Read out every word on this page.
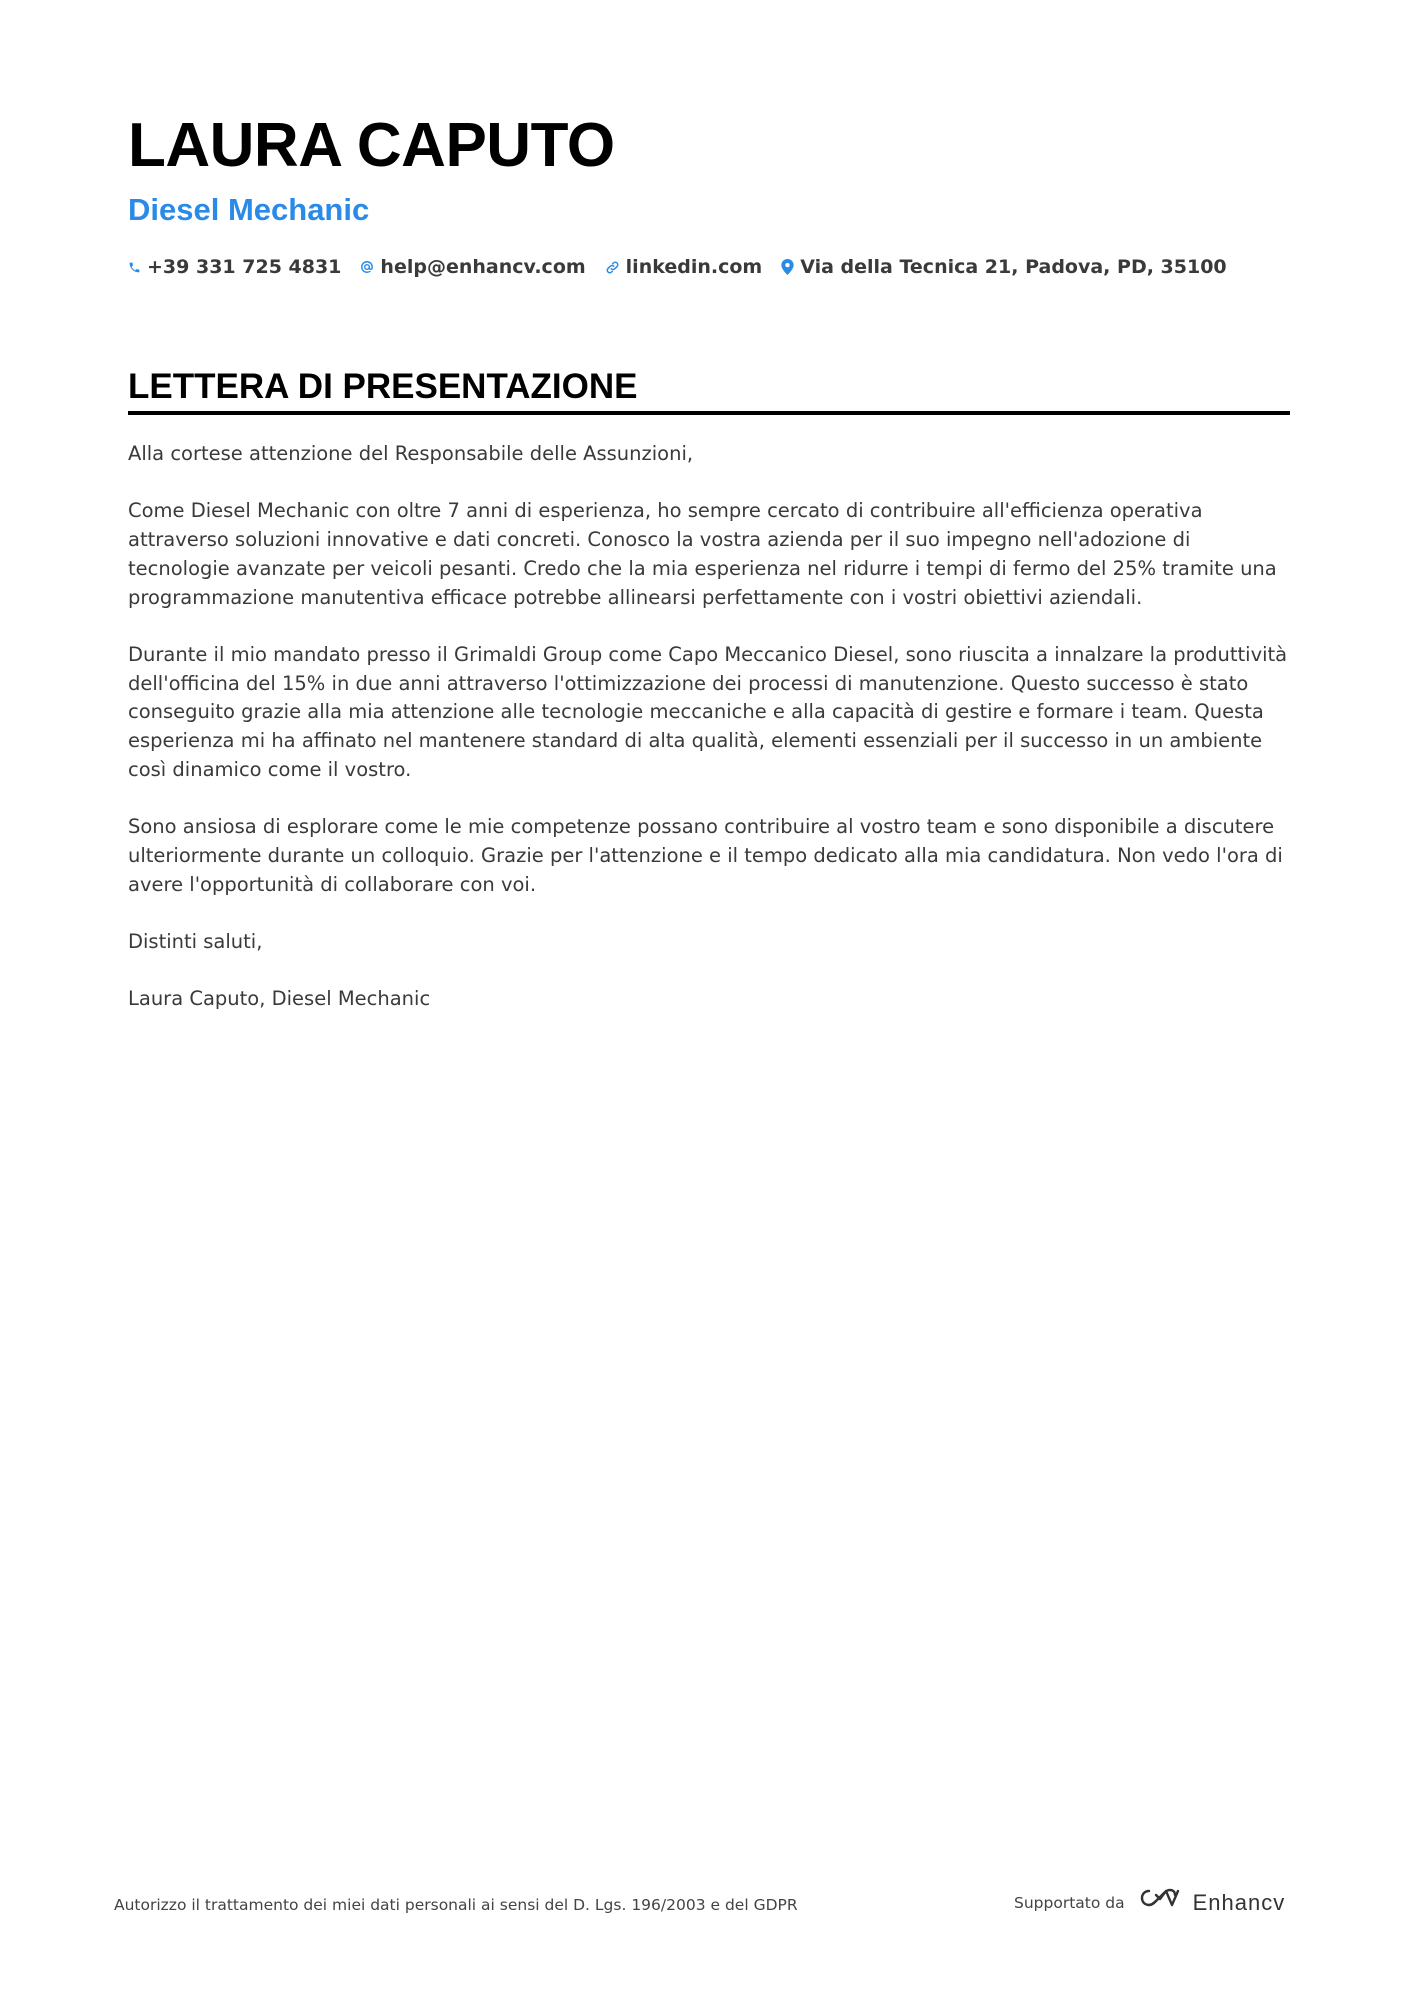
LAURA CAPUTO
Diesel Mechanic
+39 331 725 4831 help@enhancv.com linkedin.com Via della Tecnica 21, Padova, PD, 35100
LETTERA DI PRESENTAZIONE

Alla cortese attenzione del Responsabile delle Assunzioni,

Come Diesel Mechanic con oltre 7 anni di esperienza, ho sempre cercato di contribuire all'efficienza operativa attraverso soluzioni innovative e dati concreti. Conosco la vostra azienda per il suo impegno nell'adozione di tecnologie avanzate per veicoli pesanti. Credo che la mia esperienza nel ridurre i tempi di fermo del 25% tramite una programmazione manutentiva efficace potrebbe allinearsi perfettamente con i vostri obiettivi aziendali.

Durante il mio mandato presso il Grimaldi Group come Capo Meccanico Diesel, sono riuscita a innalzare la produttività dell'officina del 15% in due anni attraverso l'ottimizzazione dei processi di manutenzione. Questo successo è stato conseguito grazie alla mia attenzione alle tecnologie meccaniche e alla capacità di gestire e formare i team. Questa esperienza mi ha affinato nel mantenere standard di alta qualità, elementi essenziali per il successo in un ambiente così dinamico come il vostro.

Sono ansiosa di esplorare come le mie competenze possano contribuire al vostro team e sono disponibile a discutere ulteriormente durante un colloquio. Grazie per l'attenzione e il tempo dedicato alla mia candidatura. Non vedo l'ora di avere l'opportunità di collaborare con voi.

Distinti saluti,

Laura Caputo, Diesel Mechanic

Autorizzo il trattamento dei miei dati personali ai sensi del D. Lgs. 196/2003 e del GDPR	Supportato da	Enhancv
